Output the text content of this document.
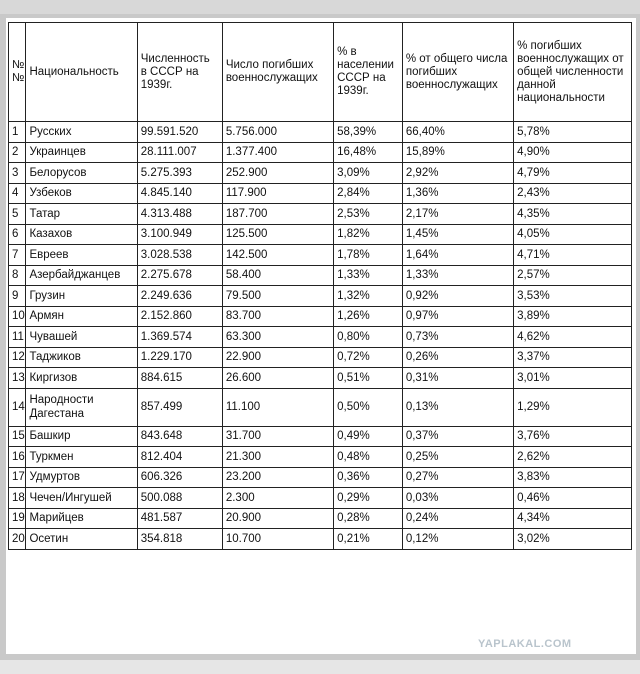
№ №	Национальность	Численность в СССР на 1939г.	Число погибших военнослужащих	% в населении СССР на 1939г.	% от общего числа погибших военнослужащих	% погибших военнослужащих от общей численности данной национальности
1	Русских	99.591.520	5.756.000	58,39%	66,40%	5,78%
2	Украинцев	28.111.007	1.377.400	16,48%	15,89%	4,90%
3	Белорусов	5.275.393	252.900	3,09%	2,92%	4,79%
4	Узбеков	4.845.140	117.900	2,84%	1,36%	2,43%
5	Татар	4.313.488	187.700	2,53%	2,17%	4,35%
6	Казахов	3.100.949	125.500	1,82%	1,45%	4,05%
7	Евреев	3.028.538	142.500	1,78%	1,64%	4,71%
8	Азербайджанцев	2.275.678	58.400	1,33%	1,33%	2,57%
9	Грузин	2.249.636	79.500	1,32%	0,92%	3,53%
10	Армян	2.152.860	83.700	1,26%	0,97%	3,89%
11	Чувашей	1.369.574	63.300	0,80%	0,73%	4,62%
12	Таджиков	1.229.170	22.900	0,72%	0,26%	3,37%
13	Киргизов	884.615	26.600	0,51%	0,31%	3,01%
14	Народности Дагестана	857.499	11.100	0,50%	0,13%	1,29%
15	Башкир	843.648	31.700	0,49%	0,37%	3,76%
16	Туркмен	812.404	21.300	0,48%	0,25%	2,62%
17	Удмуртов	606.326	23.200	0,36%	0,27%	3,83%
18	Чечен/Ингушей	500.088	2.300	0,29%	0,03%	0,46%
19	Марийцев	481.587	20.900	0,28%	0,24%	4,34%
20	Осетин	354.818	10.700	0,21%	0,12%	3,02%
YAPLAKAL.COM
